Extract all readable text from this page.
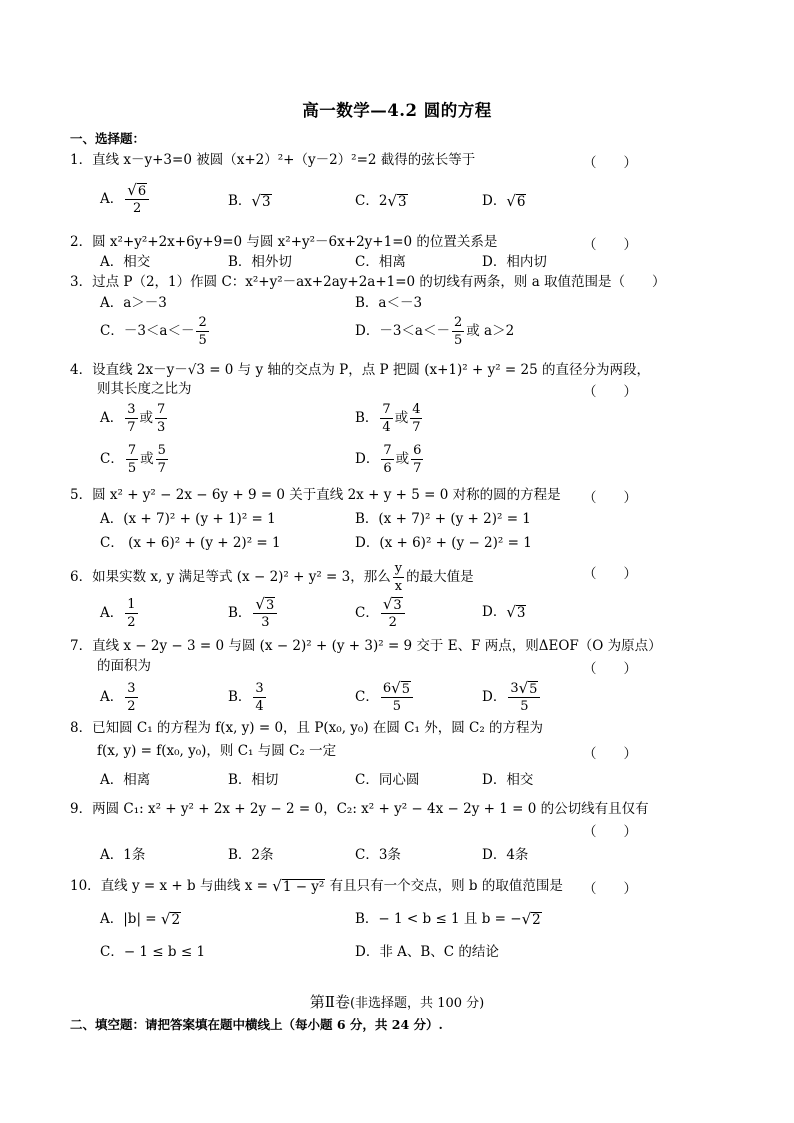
高一数学—4.2 圆的方程
一、选择题：
1．直线 x－y+3=0 被圆（x+2）²+（y－2）²=2 截得的弦长等于	（　　）
A． $\frac{√ 6}{2}$	B． √ 3	C．2 √ 3	D． √ 6
2．圆 x²+y²+2x+6y+9=0 与圆 x²+y²－6x+2y+1=0 的位置关系是	（　　）
A．相交	B．相外切	C．相离	D．相内切
3．过点 P（2，1）作圆 C：x²+y²－ax+2ay+2a+1=0 的切线有两条，则 a 取值范围是（　　）
A．a＞－3	B．a＜－3
C．$-3<a<- \frac{2}{5}$	D．$-3<a<- \frac{2}{5}$ 或 a＞2
4．设直线 2x－y－√3 = 0 与 y 轴的交点为 P，点 P 把圆 (x+1)² + y² = 25 的直径分为两段，
则其长度之比为	（　　）
A． $\frac{3}{7}$ 或 $\frac{7}{3}$	B． $\frac{7}{4}$ 或 $\frac{4}{7}$
C． $\frac{7}{5}$ 或 $\frac{5}{7}$	D． $\frac{7}{6}$ 或 $\frac{6}{7}$
5．圆 x² + y² − 2x − 6y + 9 = 0 关于直线 2x + y + 5 = 0 对称的圆的方程是 （　　）
A．(x + 7)² + (y + 1)² = 1	B．(x + 7)² + (y + 2)² = 1
C． (x + 6)² + (y + 2)² = 1	D．(x + 6)² + (y − 2)² = 1
6．如果实数 x, y 满足等式 (x − 2)² + y² = 3，那么 $\frac{y}{x}$ 的最大值是	（　　）
A． $\frac{1}{2}$	B． $\frac{√ 3}{3}$	C． $\frac{√ 3}{2}$	D． √ 3
7．直线 x − 2y − 3 = 0 与圆 (x − 2)² + (y + 3)² = 9 交于 E、F 两点，则ΔEOF（O 为原点）
的面积为	（　　）
A． $\frac{3}{2}$	B． $\frac{3}{4}$	C． $\frac{6 √ 5}{5}$	D． $\frac{3 √ 5}{5}$
8．已知圆 C₁ 的方程为 f(x, y) = 0，且 P(x₀, y₀) 在圆 C₁ 外，圆 C₂ 的方程为
f(x, y) = f(x₀, y₀)，则 C₁ 与圆 C₂ 一定	（　　）
A．相离	B．相切	C．同心圆	D．相交
9．两圆 C₁: x² + y² + 2x + 2y − 2 = 0，C₂: x² + y² − 4x − 2y + 1 = 0 的公切线有且仅有
（　　）
A．1条	B．2条	C．3条	D．4条
10．直线 y = x + b 与曲线 x = √ 1 − y² 有且只有一个交点，则 b 的取值范围是 （　　）
A．|b| = √ 2	B．− 1 < b ≤ 1 且 b = − √ 2
C．− 1 ≤ b ≤ 1	D．非 A、B、C 的结论
第Ⅱ卷(非选择题，共 100 分)
二、填空题：请把答案填在题中横线上（每小题 6 分，共 24 分）.
